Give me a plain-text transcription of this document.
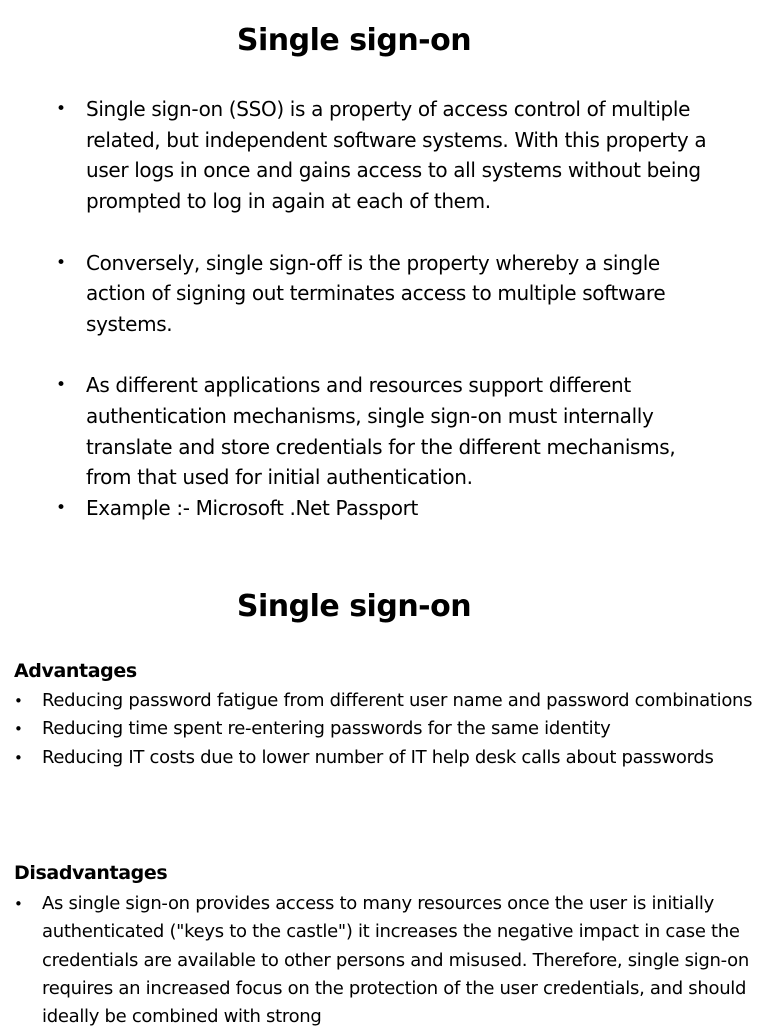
Single sign-on
• Single sign-on (SSO) is a property of access control of multiple related, but independent software systems. With this property a user logs in once and gains access to all systems without being prompted to log in again at each of them.
• Conversely, single sign-off is the property whereby a single action of signing out terminates access to multiple software systems.
• As different applications and resources support different authentication mechanisms, single sign-on must internally translate and store credentials for the different mechanisms, from that used for initial authentication.
• Example :- Microsoft .Net Passport
Single sign-on
Advantages
• Reducing password fatigue from different user name and password combinations
• Reducing time spent re-entering passwords for the same identity
• Reducing IT costs due to lower number of IT help desk calls about passwords
Disadvantages
• As single sign-on provides access to many resources once the user is initially authenticated ("keys to the castle") it increases the negative impact in case the credentials are available to other persons and misused. Therefore, single sign-on requires an increased focus on the protection of the user credentials, and should ideally be combined with strong
